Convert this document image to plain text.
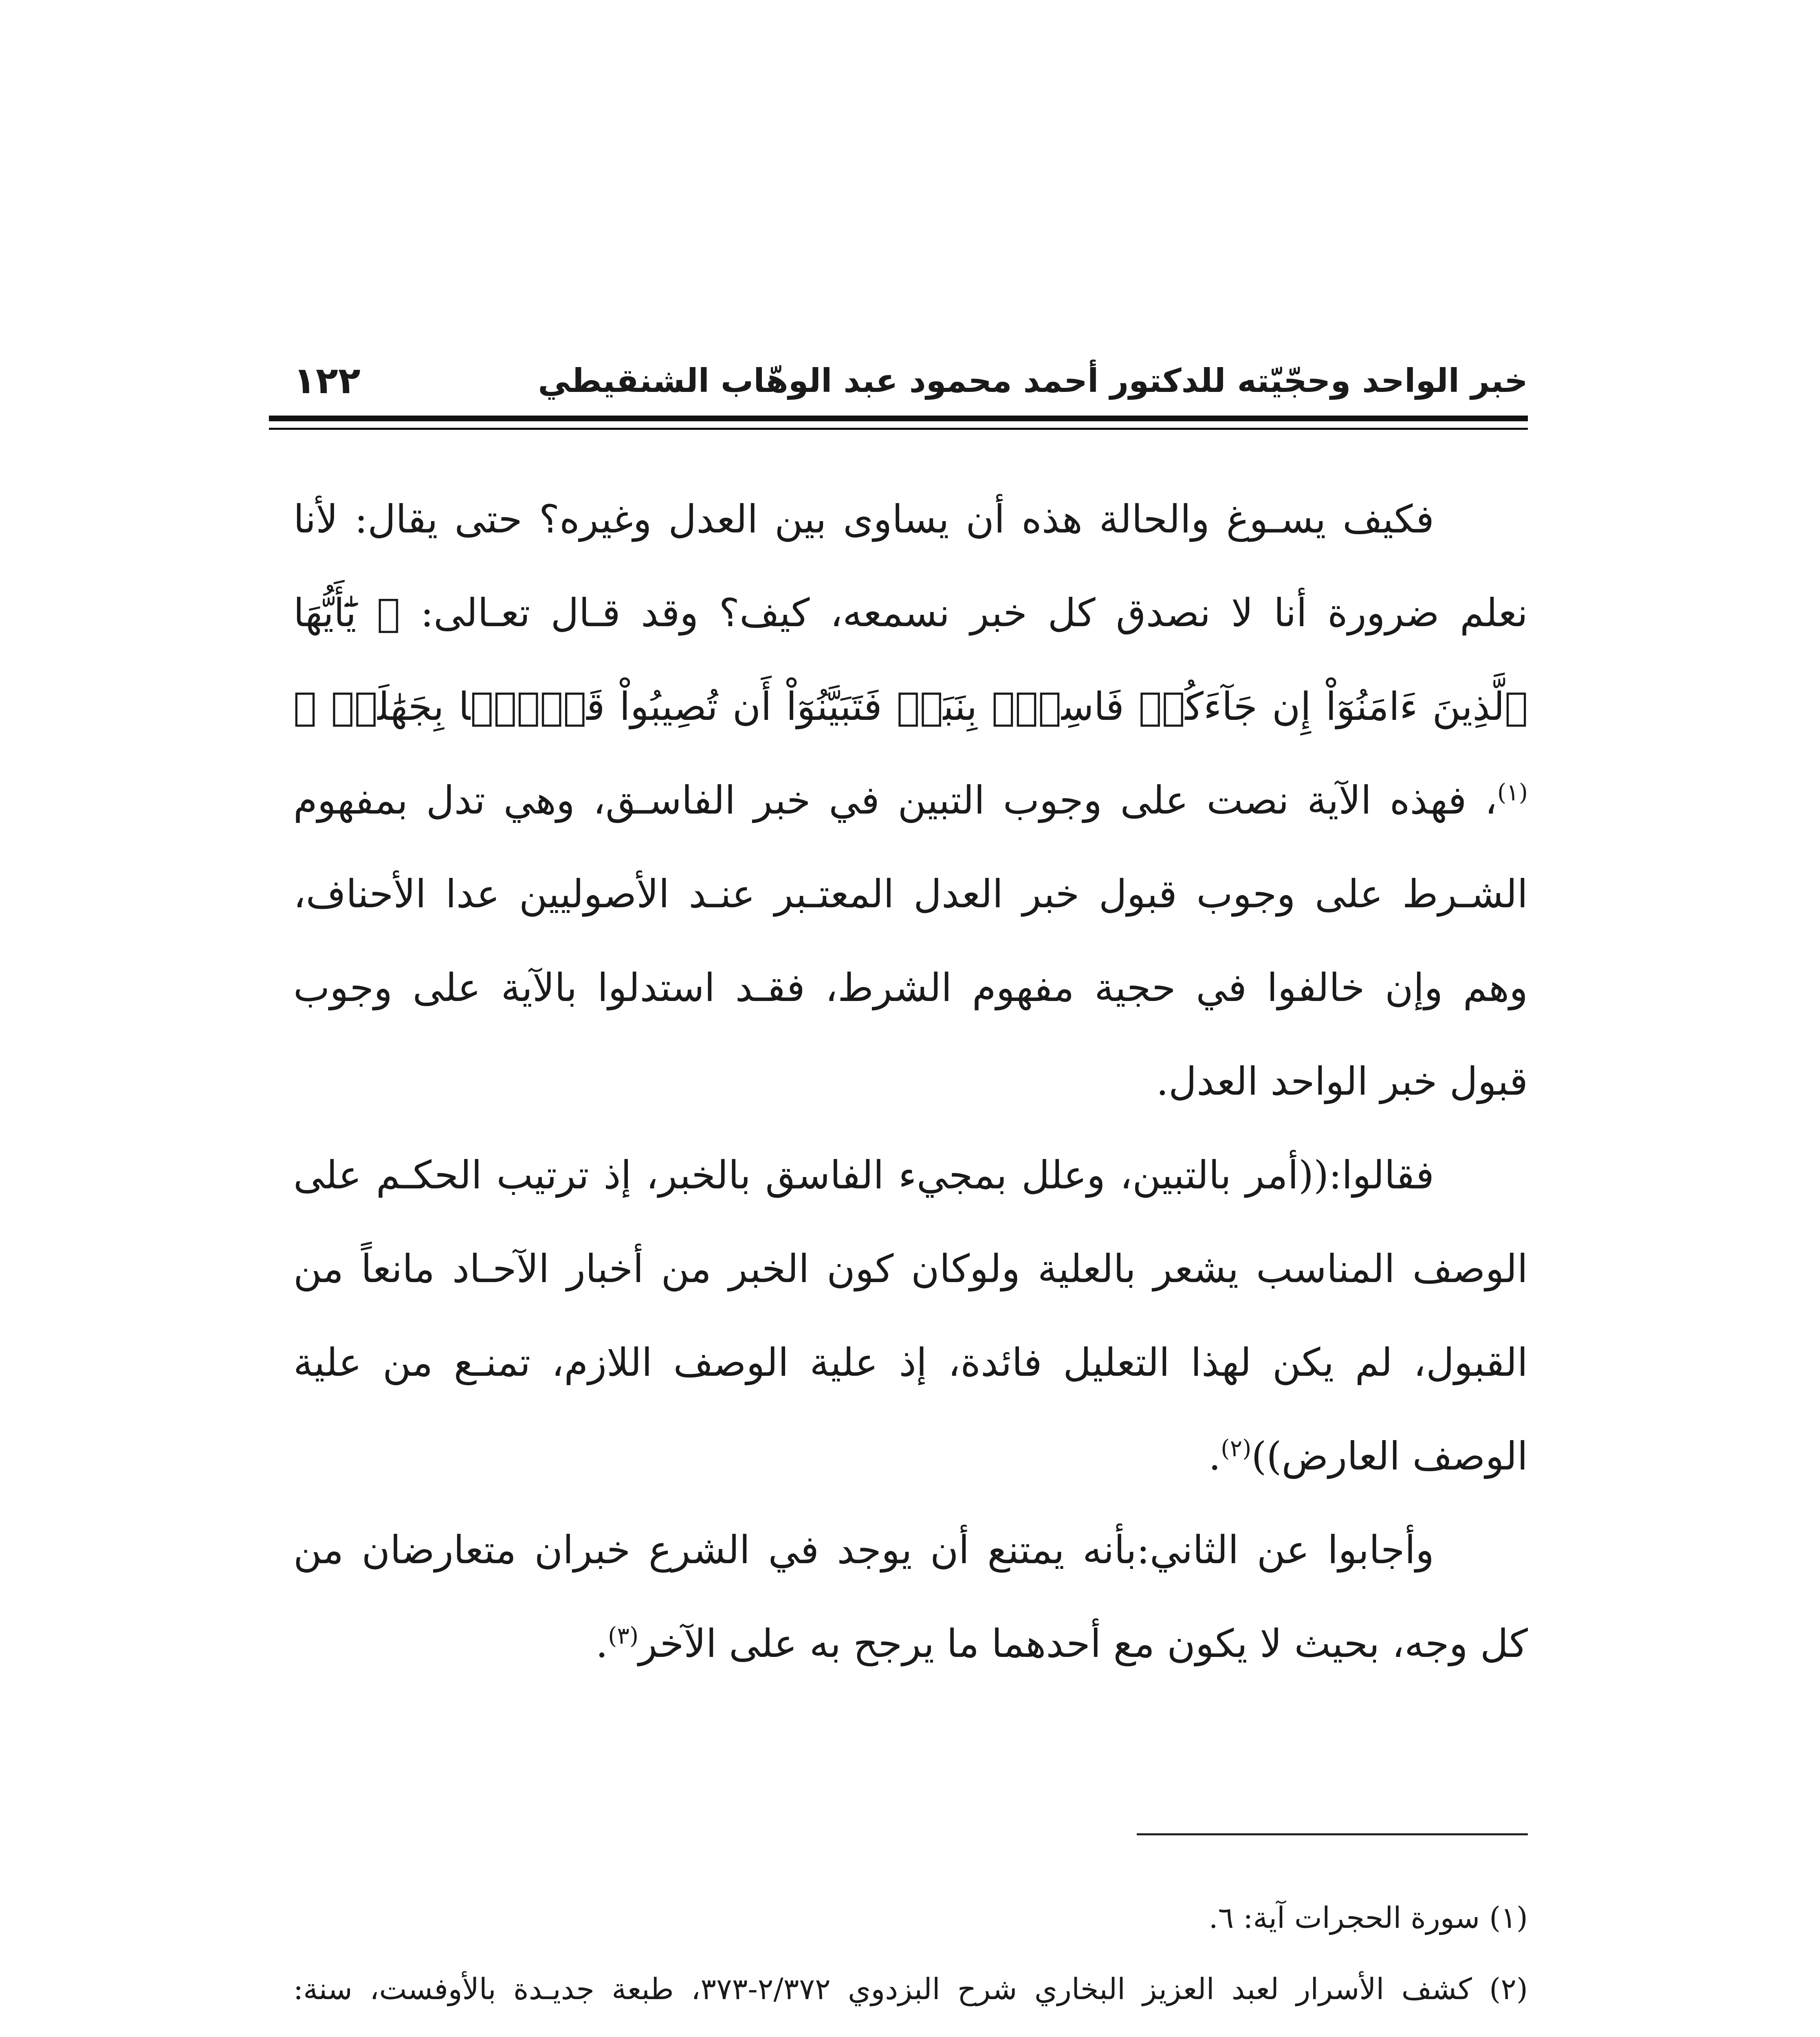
خبر الواحد وحجّيّته للدكتور أحمد محمود عبد الوهّاب الشنقيطي
١٢٢

فكيف يسـوغ والحالة هذه أن يساوى بين العدل وغيره؟ حتى يقال: لأنا نعلم ضرورة أنا لا نصدق كل خبر نسمعه، كيف؟ وقد قـال تعـالى: ﴿ يَٰٓأَيُّهَا ٱلَّذِينَ ءَامَنُوٓاْ إِن جَآءَكُمۡ فَاسِقُۢ بِنَبَإٖ فَتَبَيَّنُوٓاْ أَن تُصِيبُواْ قَوۡمَۢا بِجَهَٰلَةٖ ﴾$^{(١)}$، فهذه الآية نصت على وجوب التبين في خبر الفاسـق، وهي تدل بمفهوم الشـرط على وجوب قبول خبر العدل المعتـبر عنـد الأصوليين عدا الأحناف، وهم وإن خالفوا في حجية مفهوم الشرط، فقـد استدلوا بالآية على وجوب قبول خبر الواحد العدل.

فقالوا:((أمر بالتبين، وعلل بمجيء الفاسق بالخبر، إذ ترتيب الحكـم على الوصف المناسب يشعر بالعلية ولوكان كون الخبر من أخبار الآحـاد مانعاً من القبول، لم يكن لهذا التعليل فائدة، إذ علية الوصف اللازم، تمنـع من علية الوصف العارض))$^{(٢)}$.

وأجابوا عن الثاني:بأنه يمتنع أن يوجد في الشرع خبران متعارضان من كل وجه، بحيث لا يكون مع أحدهما ما يرجح به على الآخر$^{(٣)}$.

(١) سورة الحجرات آية: ٦.

(٢) كشف الأسرار لعبد العزيز البخاري شرح البزدوي ٢/٣٧٢-٣٧٣، طبعة جديـدة بالأوفست، سنة:
